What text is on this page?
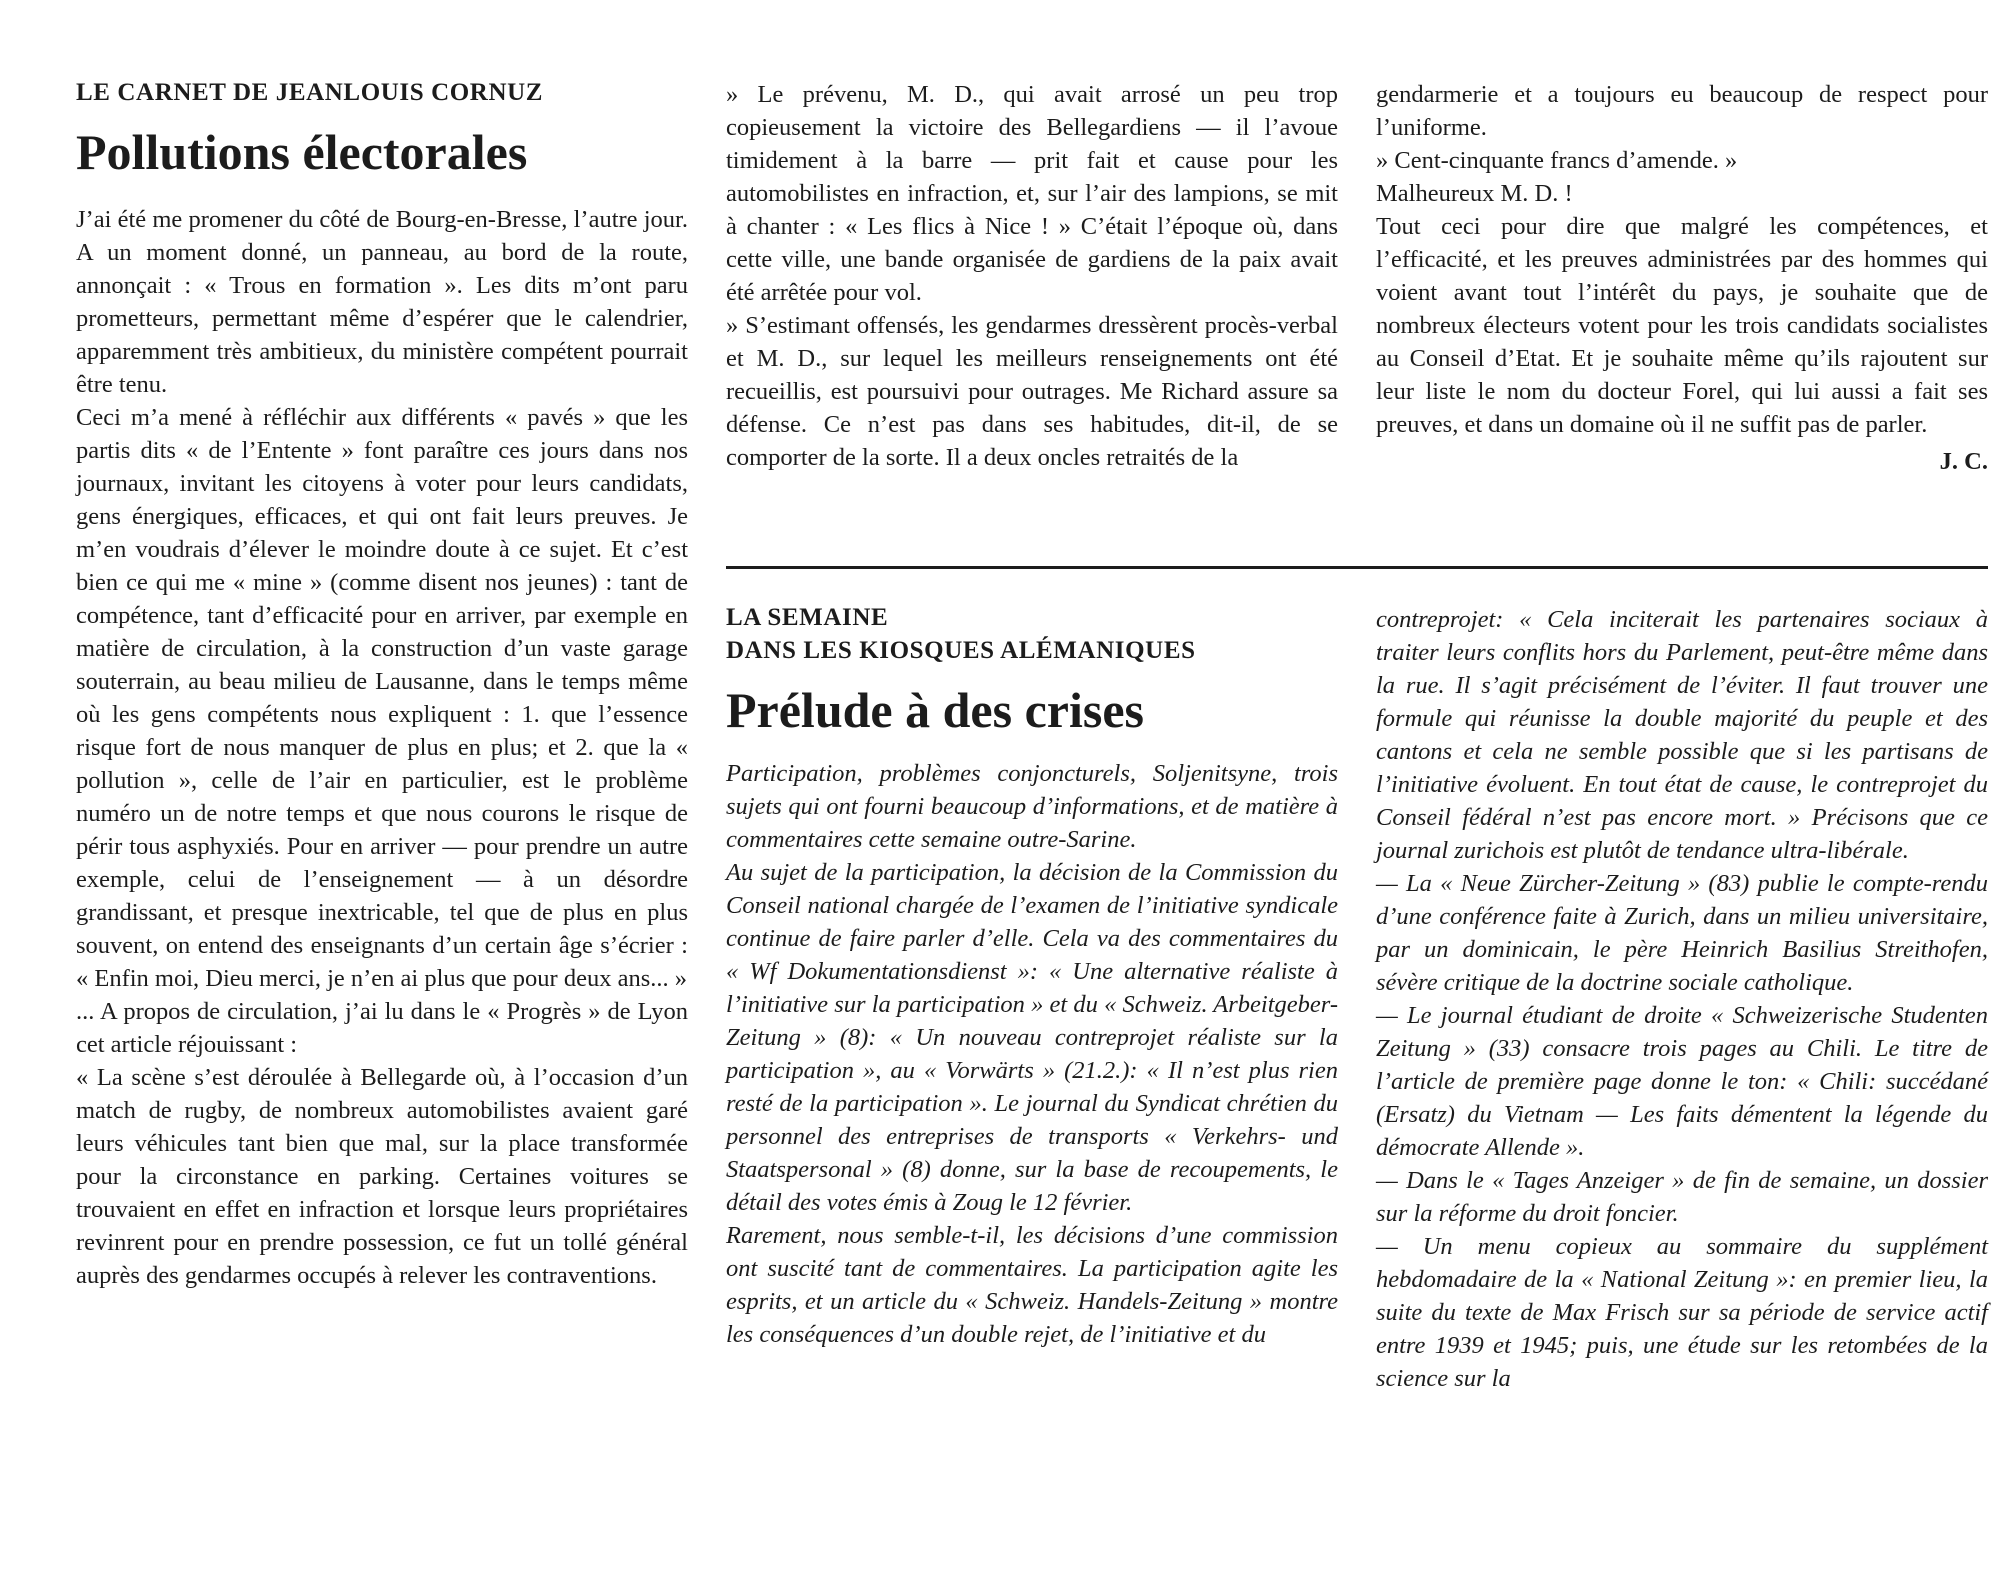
LE CARNET DE JEANLOUIS CORNUZ
Pollutions électorales

J’ai été me promener du côté de Bourg-en-Bresse, l’autre jour. A un moment donné, un panneau, au bord de la route, annonçait : « Trous en formation ». Les dits m’ont paru prometteurs, permettant même d’espérer que le calendrier, apparemment très ambitieux, du ministère compétent pourrait être tenu.

Ceci m’a mené à réfléchir aux différents « pavés » que les partis dits « de l’Entente » font paraître ces jours dans nos journaux, invitant les citoyens à voter pour leurs candidats, gens énergiques, efficaces, et qui ont fait leurs preuves. Je m’en voudrais d’élever le moindre doute à ce sujet. Et c’est bien ce qui me « mine » (comme disent nos jeunes) : tant de compétence, tant d’efficacité pour en arriver, par exemple en matière de circulation, à la construction d’un vaste garage souterrain, au beau milieu de Lausanne, dans le temps même où les gens compétents nous expliquent : 1. que l’essence risque fort de nous manquer de plus en plus; et 2. que la « pollution », celle de l’air en particulier, est le problème numéro un de notre temps et que nous courons le risque de périr tous asphyxiés. Pour en arriver — pour prendre un autre exemple, celui de l’enseignement — à un désordre grandissant, et presque inextricable, tel que de plus en plus souvent, on entend des enseignants d’un certain âge s’écrier : « Enfin moi, Dieu merci, je n’en ai plus que pour deux ans... »

... A propos de circulation, j’ai lu dans le « Progrès » de Lyon cet article réjouissant :

« La scène s’est déroulée à Bellegarde où, à l’occasion d’un match de rugby, de nombreux automobilistes avaient garé leurs véhicules tant bien que mal, sur la place transformée pour la circonstance en parking. Certaines voitures se trouvaient en effet en infraction et lorsque leurs propriétaires revinrent pour en prendre possession, ce fut un tollé général auprès des gendarmes occupés à relever les contraventions.

» Le prévenu, M. D., qui avait arrosé un peu trop copieusement la victoire des Bellegardiens — il l’avoue timidement à la barre — prit fait et cause pour les automobilistes en infraction, et, sur l’air des lampions, se mit à chanter : « Les flics à Nice ! » C’était l’époque où, dans cette ville, une bande organisée de gardiens de la paix avait été arrêtée pour vol.

» S’estimant offensés, les gendarmes dressèrent procès-verbal et M. D., sur lequel les meilleurs renseignements ont été recueillis, est poursuivi pour outrages. Me Richard assure sa défense. Ce n’est pas dans ses habitudes, dit-il, de se comporter de la sorte. Il a deux oncles retraités de la

gendarmerie et a toujours eu beaucoup de respect pour l’uniforme.

» Cent-cinquante francs d’amende. »

Malheureux M. D. !

Tout ceci pour dire que malgré les compétences, et l’efficacité, et les preuves administrées par des hommes qui voient avant tout l’intérêt du pays, je souhaite que de nombreux électeurs votent pour les trois candidats socialistes au Conseil d’Etat. Et je souhaite même qu’ils rajoutent sur leur liste le nom du docteur Forel, qui lui aussi a fait ses preuves, et dans un domaine où il ne suffit pas de parler.

J. C.
LA SEMAINE
DANS LES KIOSQUES ALÉMANIQUES
Prélude à des crises

Participation, problèmes conjoncturels, Soljenitsyne, trois sujets qui ont fourni beaucoup d’informations, et de matière à commentaires cette semaine outre-Sarine.

Au sujet de la participation, la décision de la Commission du Conseil national chargée de l’examen de l’initiative syndicale continue de faire parler d’elle. Cela va des commentaires du « Wf Dokumentationsdienst »: « Une alternative réaliste à l’initiative sur la participation » et du « Schweiz. Arbeitgeber-Zeitung » (8): « Un nouveau contreprojet réaliste sur la participation », au « Vorwärts » (21.2.): « Il n’est plus rien resté de la participation ». Le journal du Syndicat chrétien du personnel des entreprises de transports « Verkehrs- und Staatspersonal » (8) donne, sur la base de recoupements, le détail des votes émis à Zoug le 12 février.

Rarement, nous semble-t-il, les décisions d’une commission ont suscité tant de commentaires. La participation agite les esprits, et un article du « Schweiz. Handels-Zeitung » montre les conséquences d’un double rejet, de l’initiative et du

contreprojet: « Cela inciterait les partenaires sociaux à traiter leurs conflits hors du Parlement, peut-être même dans la rue. Il s’agit précisément de l’éviter. Il faut trouver une formule qui réunisse la double majorité du peuple et des cantons et cela ne semble possible que si les partisans de l’initiative évoluent. En tout état de cause, le contreprojet du Conseil fédéral n’est pas encore mort. » Précisons que ce journal zurichois est plutôt de tendance ultra-libérale.

— La « Neue Zürcher-Zeitung » (83) publie le compte-rendu d’une conférence faite à Zurich, dans un milieu universitaire, par un dominicain, le père Heinrich Basilius Streithofen, sévère critique de la doctrine sociale catholique.

— Le journal étudiant de droite « Schweizerische Studenten Zeitung » (33) consacre trois pages au Chili. Le titre de l’article de première page donne le ton: « Chili: succédané (Ersatz) du Vietnam — Les faits démentent la légende du démocrate Allende ».

— Dans le « Tages Anzeiger » de fin de semaine, un dossier sur la réforme du droit foncier.

— Un menu copieux au sommaire du supplément hebdomadaire de la « National Zeitung »: en premier lieu, la suite du texte de Max Frisch sur sa période de service actif entre 1939 et 1945; puis, une étude sur les retombées de la science sur la
